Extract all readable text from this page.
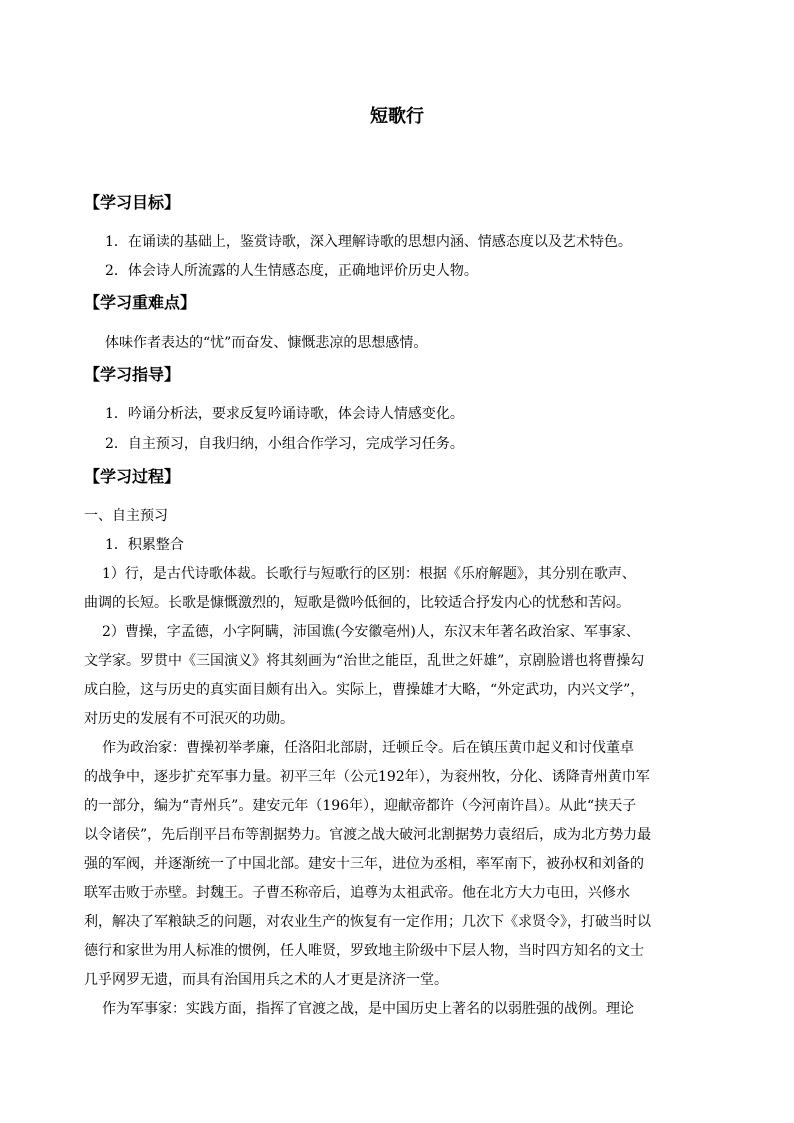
短歌行
【学习目标】
1．在诵读的基础上，鉴赏诗歌，深入理解诗歌的思想内涵、情感态度以及艺术特色。
2．体会诗人所流露的人生情感态度，正确地评价历史人物。
【学习重难点】
体味作者表达的“忧”而奋发、慷慨悲凉的思想感情。
【学习指导】
1．吟诵分析法，要求反复吟诵诗歌，体会诗人情感变化。
2．自主预习，自我归纳，小组合作学习，完成学习任务。
【学习过程】
一、自主预习
1．积累整合
1）行，是古代诗歌体裁。长歌行与短歌行的区别：根据《乐府解题》，其分别在歌声、
曲调的长短。长歌是慷慨激烈的，短歌是微吟低徊的，比较适合抒发内心的忧愁和苦闷。
2）曹操，字孟德，小字阿瞒，沛国谯(今安徽亳州)人，东汉末年著名政治家、军事家、
文学家。罗贯中《三国演义》将其刻画为“治世之能臣，乱世之奸雄”，京剧脸谱也将曹操勾
成白脸，这与历史的真实面目颇有出入。实际上，曹操雄才大略，“外定武功，内兴文学”，
对历史的发展有不可泯灭的功勋。
作为政治家：曹操初举孝廉，任洛阳北部尉，迁顿丘令。后在镇压黄巾起义和讨伐董卓
的战争中，逐步扩充军事力量。初平三年（公元192年），为衮州牧，分化、诱降青州黄巾军
的一部分，编为“青州兵”。建安元年（196年），迎献帝都许（今河南许昌）。从此“挟天子
以令诸侯”，先后削平吕布等割据势力。官渡之战大破河北割据势力袁绍后，成为北方势力最
强的军阀，并逐渐统一了中国北部。建安十三年，进位为丞相，率军南下，被孙权和刘备的
联军击败于赤壁。封魏王。子曹丕称帝后，追尊为太祖武帝。他在北方大力屯田，兴修水
利，解决了军粮缺乏的问题，对农业生产的恢复有一定作用；几次下《求贤令》，打破当时以
德行和家世为用人标准的惯例，任人唯贤，罗致地主阶级中下层人物，当时四方知名的文士
几乎网罗无遗，而具有治国用兵之术的人才更是济济一堂。
作为军事家：实践方面，指挥了官渡之战，是中国历史上著名的以弱胜强的战例。理论
